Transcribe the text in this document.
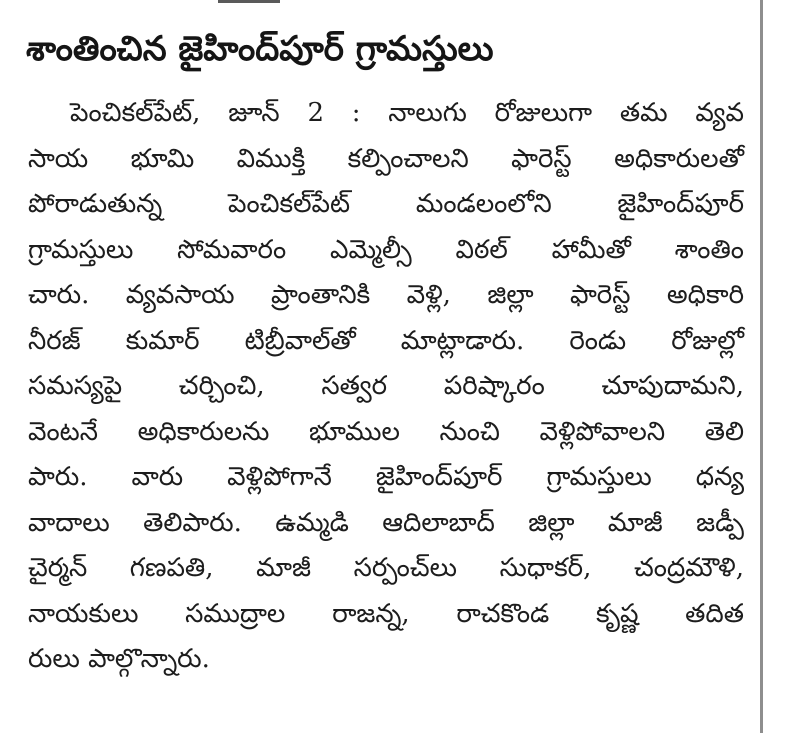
శాంతించిన జైహింద్‌పూర్ గ్రామస్తులు
పెంచికల్‌పేట్, జూన్ 2 : నాలుగు రోజులుగా తమ వ్యవ
సాయ భూమి విముక్తి కల్పించాలని ఫారెస్ట్ అధికారులతో
పోరాడుతున్న పెంచికల్‌పేట్ మండలంలోని జైహింద్‌పూర్
గ్రామస్తులు సోమవారం ఎమ్మెల్సీ విఠల్ హామీతో శాంతిం
చారు. వ్యవసాయ ప్రాంతానికి వెళ్లి, జిల్లా ఫారెస్ట్ అధికారి
నీరజ్ కుమార్ టిబ్రీవాల్‌తో మాట్లాడారు. రెండు రోజుల్లో
సమస్యపై చర్చించి, సత్వర పరిష్కారం చూపుదామని,
వెంటనే అధికారులను భూముల నుంచి వెళ్లిపోవాలని తెలి
పారు. వారు వెళ్లిపోగానే జైహింద్‌పూర్ గ్రామస్తులు ధన్య
వాదాలు తెలిపారు. ఉమ్మడి ఆదిలాబాద్ జిల్లా మాజీ జడ్పీ
చైర్మన్ గణపతి, మాజీ సర్పంచ్‌లు సుధాకర్, చంద్రమౌళి,
నాయకులు సముద్రాల రాజన్న, రాచకొండ కృష్ణ తదిత
రులు పాల్గొన్నారు.
